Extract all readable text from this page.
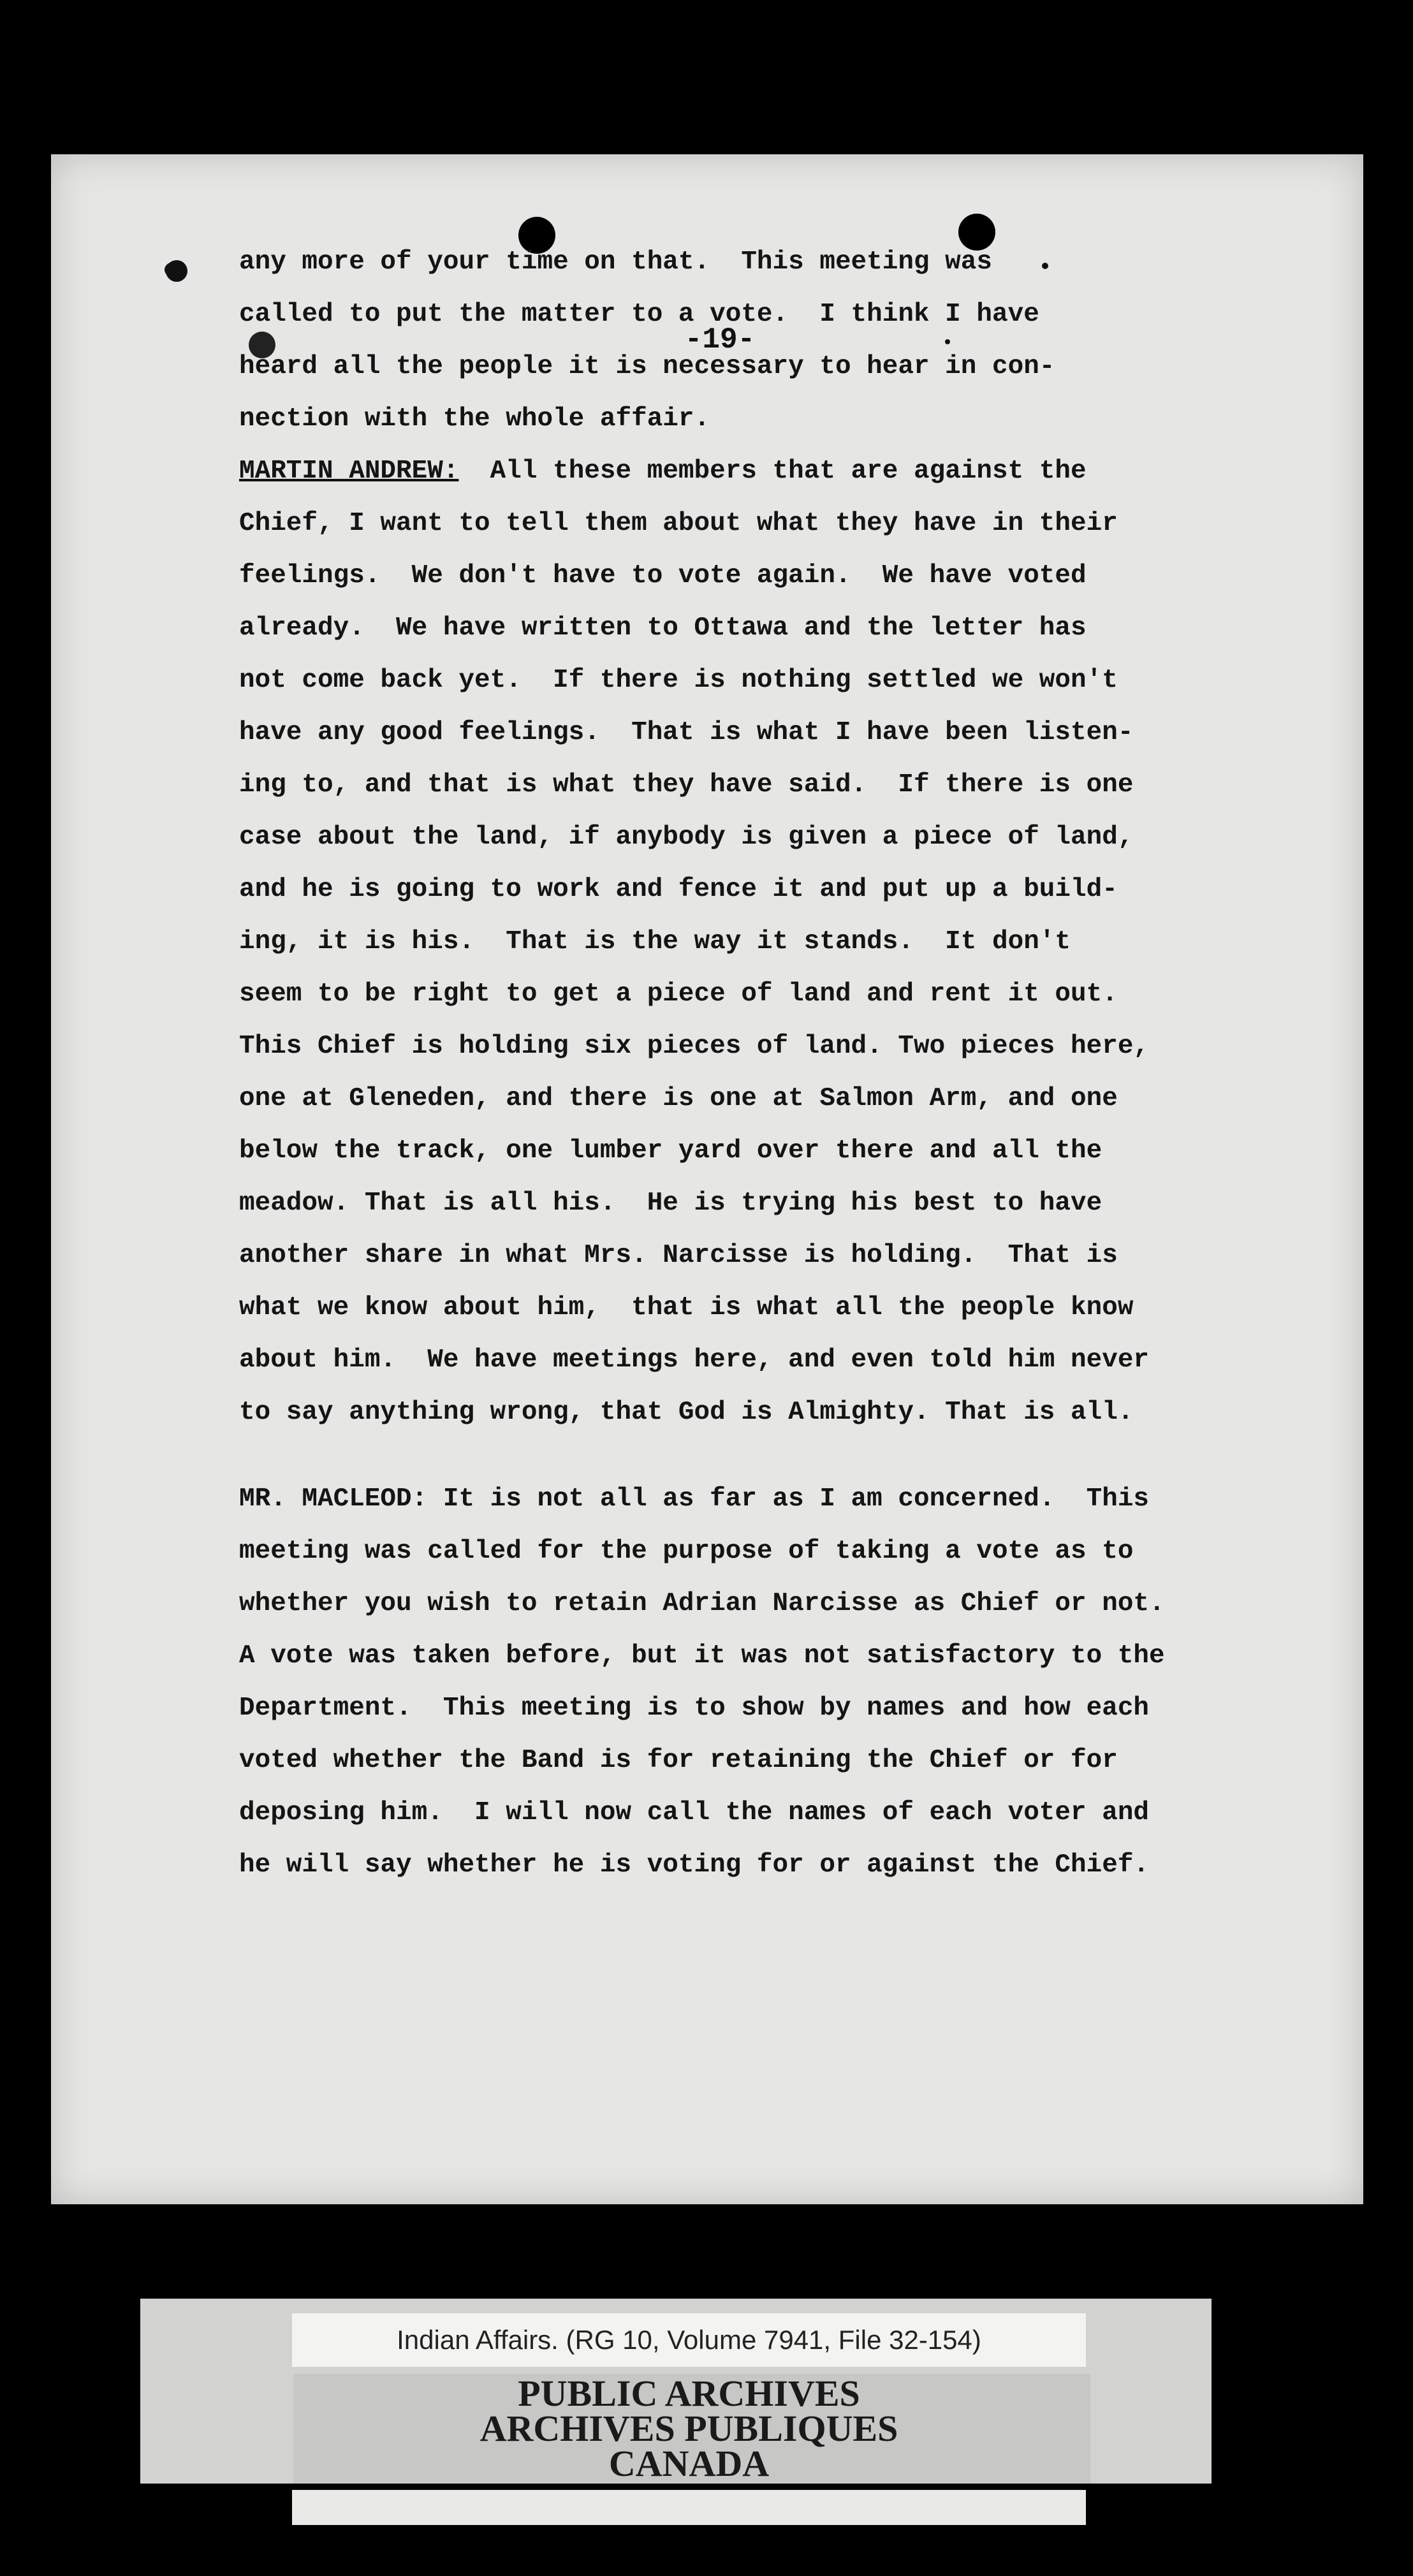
-19-
any more of your time on that.  This meeting was
called to put the matter to a vote.  I think I have
heard all the people it is necessary to hear in con-
nection with the whole affair.
MARTIN ANDREW:  All these members that are against the
Chief, I want to tell them about what they have in their
feelings.  We don't have to vote again.  We have voted
already.  We have written to Ottawa and the letter has
not come back yet.  If there is nothing settled we won't
have any good feelings.  That is what I have been listen-
ing to, and that is what they have said.  If there is one
case about the land, if anybody is given a piece of land,
and he is going to work and fence it and put up a build-
ing, it is his.  That is the way it stands.  It don't
seem to be right to get a piece of land and rent it out.
This Chief is holding six pieces of land. Two pieces here,
one at Gleneden, and there is one at Salmon Arm, and one
below the track, one lumber yard over there and all the
meadow. That is all his.  He is trying his best to have
another share in what Mrs. Narcisse is holding.  That is
what we know about him,  that is what all the people know
about him.  We have meetings here, and even told him never
to say anything wrong, that God is Almighty. That is all.
MR. MACLEOD: It is not all as far as I am concerned.  This
meeting was called for the purpose of taking a vote as to
whether you wish to retain Adrian Narcisse as Chief or not.
A vote was taken before, but it was not satisfactory to the
Department.  This meeting is to show by names and how each
voted whether the Band is for retaining the Chief or for
deposing him.  I will now call the names of each voter and
he will say whether he is voting for or against the Chief.
Indian Affairs. (RG 10, Volume 7941, File 32-154)
PUBLIC ARCHIVES
ARCHIVES PUBLIQUES
CANADA
